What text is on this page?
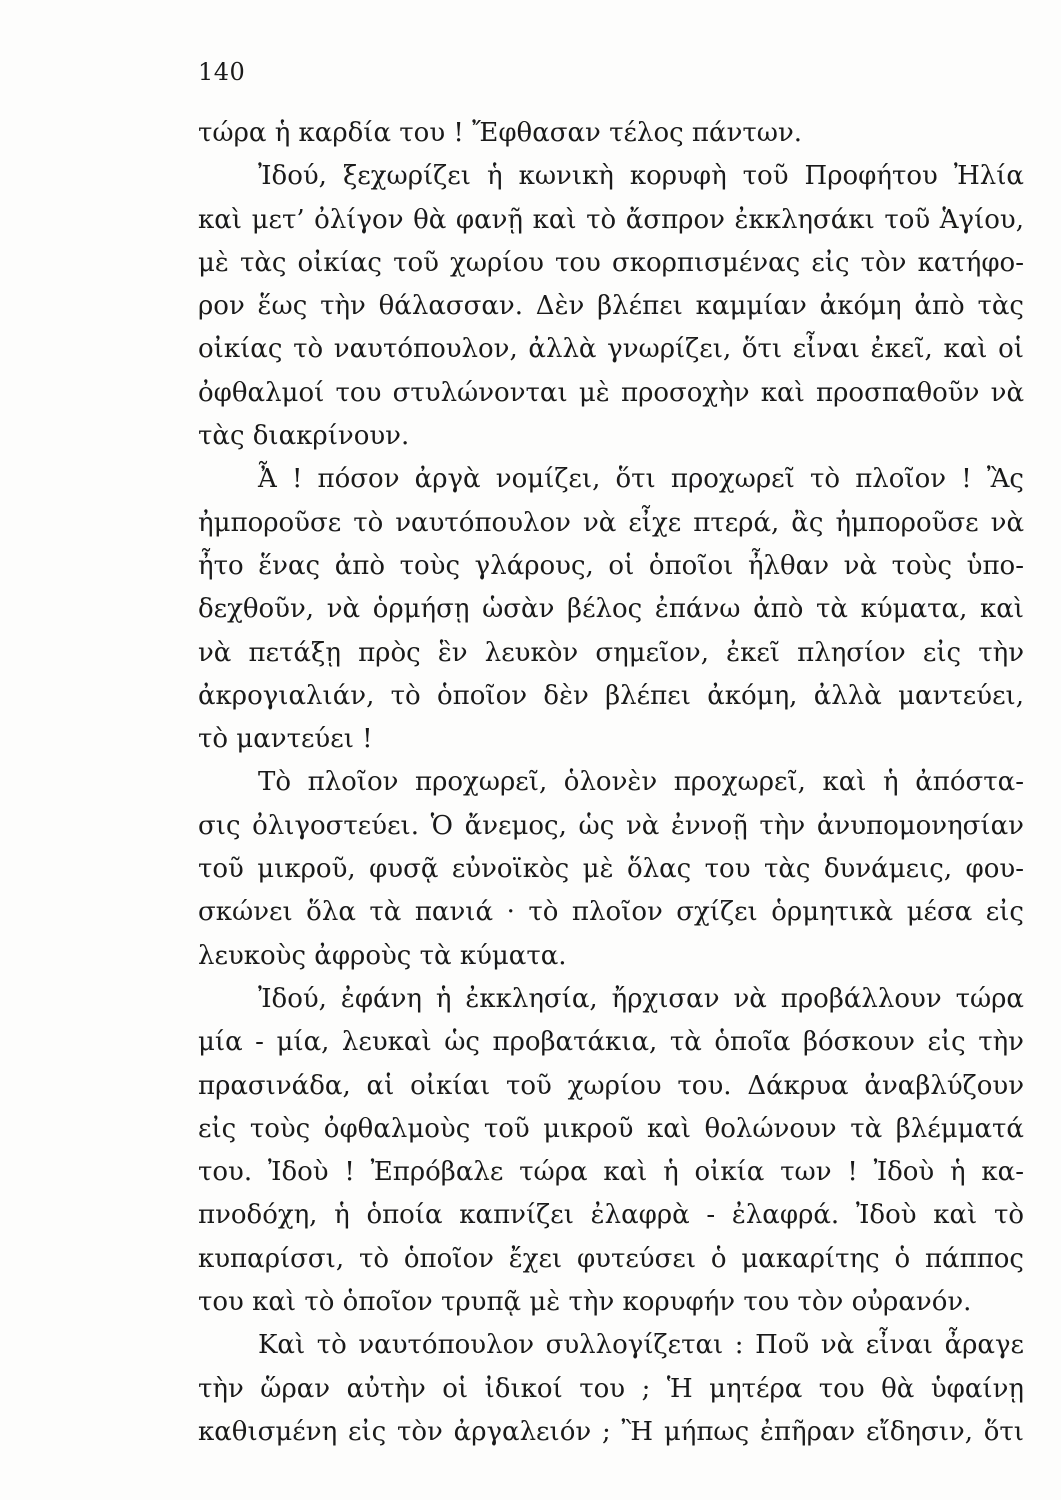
140
τώρα ἡ καρδία του ! Ἔφθασαν τέλος πάντων.
Ἰδού, ξεχωρίζει ἡ κωνικὴ κορυφὴ τοῦ Προφήτου Ἠλία
καὶ μετ’ ὀλίγον θὰ φανῇ καὶ τὸ ἄσπρον ἐκκλησάκι τοῦ Ἁγίου,
μὲ τὰς οἰκίας τοῦ χωρίου του σκορπισμένας εἰς τὸν κατήφο-
ρον ἕως τὴν θάλασσαν. Δὲν βλέπει καμμίαν ἀκόμη ἀπὸ τὰς
οἰκίας τὸ ναυτόπουλον, ἀλλὰ γνωρίζει, ὅτι εἶναι ἐκεῖ, καὶ οἱ
ὀφθαλμοί του στυλώνονται μὲ προσοχὴν καὶ προσπαθοῦν νὰ
τὰς διακρίνουν.
Ἆ ! πόσον ἀργὰ νομίζει, ὅτι προχωρεῖ τὸ πλοῖον ! Ἂς
ἠμποροῦσε τὸ ναυτόπουλον νὰ εἶχε πτερά, ἂς ἠμποροῦσε νὰ
ἦτο ἕνας ἀπὸ τοὺς γλάρους, οἱ ὁποῖοι ἦλθαν νὰ τοὺς ὑπο-
δεχθοῦν, νὰ ὁρμήσῃ ὡσὰν βέλος ἐπάνω ἀπὸ τὰ κύματα, καὶ
νὰ πετάξῃ πρὸς ἓν λευκὸν σημεῖον, ἐκεῖ πλησίον εἰς τὴν
ἀκρογιαλιάν, τὸ ὁποῖον δὲν βλέπει ἀκόμη, ἀλλὰ μαντεύει,
τὸ μαντεύει !
Τὸ πλοῖον προχωρεῖ, ὁλονὲν προχωρεῖ, καὶ ἡ ἀπόστα-
σις ὀλιγοστεύει. Ὁ ἄνεμος, ὡς νὰ ἐννοῇ τὴν ἀνυπομονησίαν
τοῦ μικροῦ, φυσᾷ εὐνοϊκὸς μὲ ὅλας του τὰς δυνάμεις, φου-
σκώνει ὅλα τὰ πανιά · τὸ πλοῖον σχίζει ὁρμητικὰ μέσα εἰς
λευκοὺς ἀφροὺς τὰ κύματα.
Ἰδού, ἐφάνη ἡ ἐκκλησία, ἤρχισαν νὰ προβάλλουν τώρα
μία - μία, λευκαὶ ὡς προβατάκια, τὰ ὁποῖα βόσκουν εἰς τὴν
πρασινάδα, αἱ οἰκίαι τοῦ χωρίου του. Δάκρυα ἀναβλύζουν
εἰς τοὺς ὀφθαλμοὺς τοῦ μικροῦ καὶ θολώνουν τὰ βλέμματά
του. Ἰδοὺ ! Ἐπρόβαλε τώρα καὶ ἡ οἰκία των ! Ἰδοὺ ἡ κα-
πνοδόχη, ἡ ὁποία καπνίζει ἐλαφρὰ - ἐλαφρά. Ἰδοὺ καὶ τὸ
κυπαρίσσι, τὸ ὁποῖον ἔχει φυτεύσει ὁ μακαρίτης ὁ πάππος
του καὶ τὸ ὁποῖον τρυπᾷ μὲ τὴν κορυφήν του τὸν οὐρανόν.
Καὶ τὸ ναυτόπουλον συλλογίζεται : Ποῦ νὰ εἶναι ἆραγε
τὴν ὥραν αὐτὴν οἱ ἰδικοί του ; Ἡ μητέρα του θὰ ὑφαίνῃ
καθισμένη εἰς τὸν ἀργαλειόν ; Ἢ μήπως ἐπῆραν εἴδησιν, ὅτι
